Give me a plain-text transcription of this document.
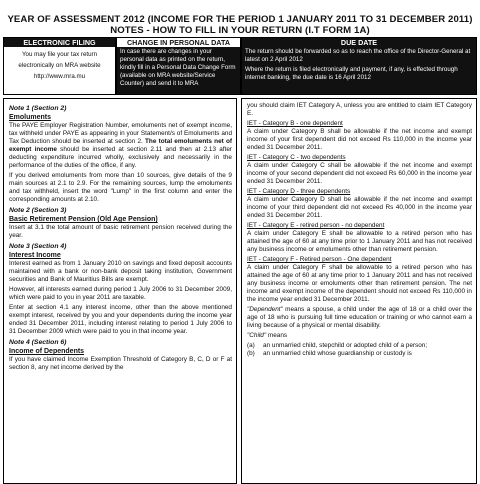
YEAR OF ASSESSMENT 2012 (INCOME FOR THE PERIOD 1 JANUARY 2011 TO 31 DECEMBER 2011)
NOTES - HOW TO FILL IN YOUR RETURN (I.T FORM 1A)
ELECTRONIC FILING
You may file your tax return
electronically on MRA website
http://www.mra.mu
CHANGE IN PERSONAL DATA
In case there are changes in your personal data as printed on the return, kindly fill in a Personal Data Change Form (available on MRA website/Service Counter) and send it to MRA
DUE DATE
The return should be forwarded so as to reach the office of the Director-General at latest on 2 April 2012
Where the return is filed electronically and payment, if any, is effected through internet banking, the due date is 16 April 2012
Note 1 (Section 2)
Emoluments

The PAYE Employer Registration Number, emoluments net of exempt income, tax withheld under PAYE as appearing in your Statement/s of Emoluments and Tax Deduction should be inserted at section 2. The total emoluments net of exempt income should be inserted at section 2.11 and then at 2.13 after deducting expenditure incurred wholly, exclusively and necessarily in the performance of the duties of the office, if any.

If you derived emoluments from more than 10 sources, give details of the 9 main sources at 2.1 to 2.9. For the remaining sources, lump the emoluments and tax withheld, insert the word "Lump" in the first column and enter the corresponding amounts at 2.10.

Note 2 (Section 3)
Basic Retirement Pension (Old Age Pension)

Insert at 3.1 the total amount of basic retirement pension received during the year.

Note 3 (Section 4)
Interest Income

Interest earned as from 1 January 2010 on savings and fixed deposit accounts maintained with a bank or non-bank deposit taking institution, Government securities and Bank of Mauritius Bills are exempt.

However, all interests earned during period 1 July 2006 to 31 December 2009, which were paid to you in year 2011 are taxable.

Enter at section 4.1 any interest income, other than the above mentioned exempt interest, received by you and your dependents during the income year ended 31 December 2011, including interest relating to period 1 July 2006 to 31 December 2009 which were paid to you in that income year.

Note 4 (Section 6)
Income of Dependents

If you have claimed Income Exemption Threshold of Category B, C, D or F at section 8, any net income derived by the

you should claim IET Category A, unless you are entitled to claim IET Category E.

IET - Category B - one dependent

A claim under Category B shall be allowable if the net income and exempt income of your first dependent did not exceed Rs 110,000 in the income year ended 31 December 2011.

IET - Category C - two dependents

A claim under Category C shall be allowable if the net income and exempt income of your second dependent did not exceed Rs 60,000 in the income year ended 31 December 2011.

IET - Category D - three dependents

A claim under Category D shall be allowable if the net income and exempt income of your third dependent did not exceed Rs 40,000 in the income year ended 31 December 2011.

IET - Category E - retired person - no dependent

A claim under Category E shall be allowable to a retired person who has attained the age of 60 at any time prior to 1 January 2011 and has not received any business income or emoluments other than retirement pension.

IET - Category F - Retired person - One dependent

A claim under Category F shall be allowable to a retired person who has attained the age of 60 at any time prior to 1 January 2011 and has not received any business income or emoluments other than retirement pension. The net income and exempt income of the dependent should not exceed Rs 110,000 in the income year ended 31 December 2011.

"Dependent" means a spouse, a child under the age of 18 or a child over the age of 18 who is pursuing full time education or training or who cannot earn a living because of a physical or mental disability.

"Child" means

(a)	an unmarried child, stepchild or adopted child of a person;
(b)	an unmarried child whose guardianship or custody is
